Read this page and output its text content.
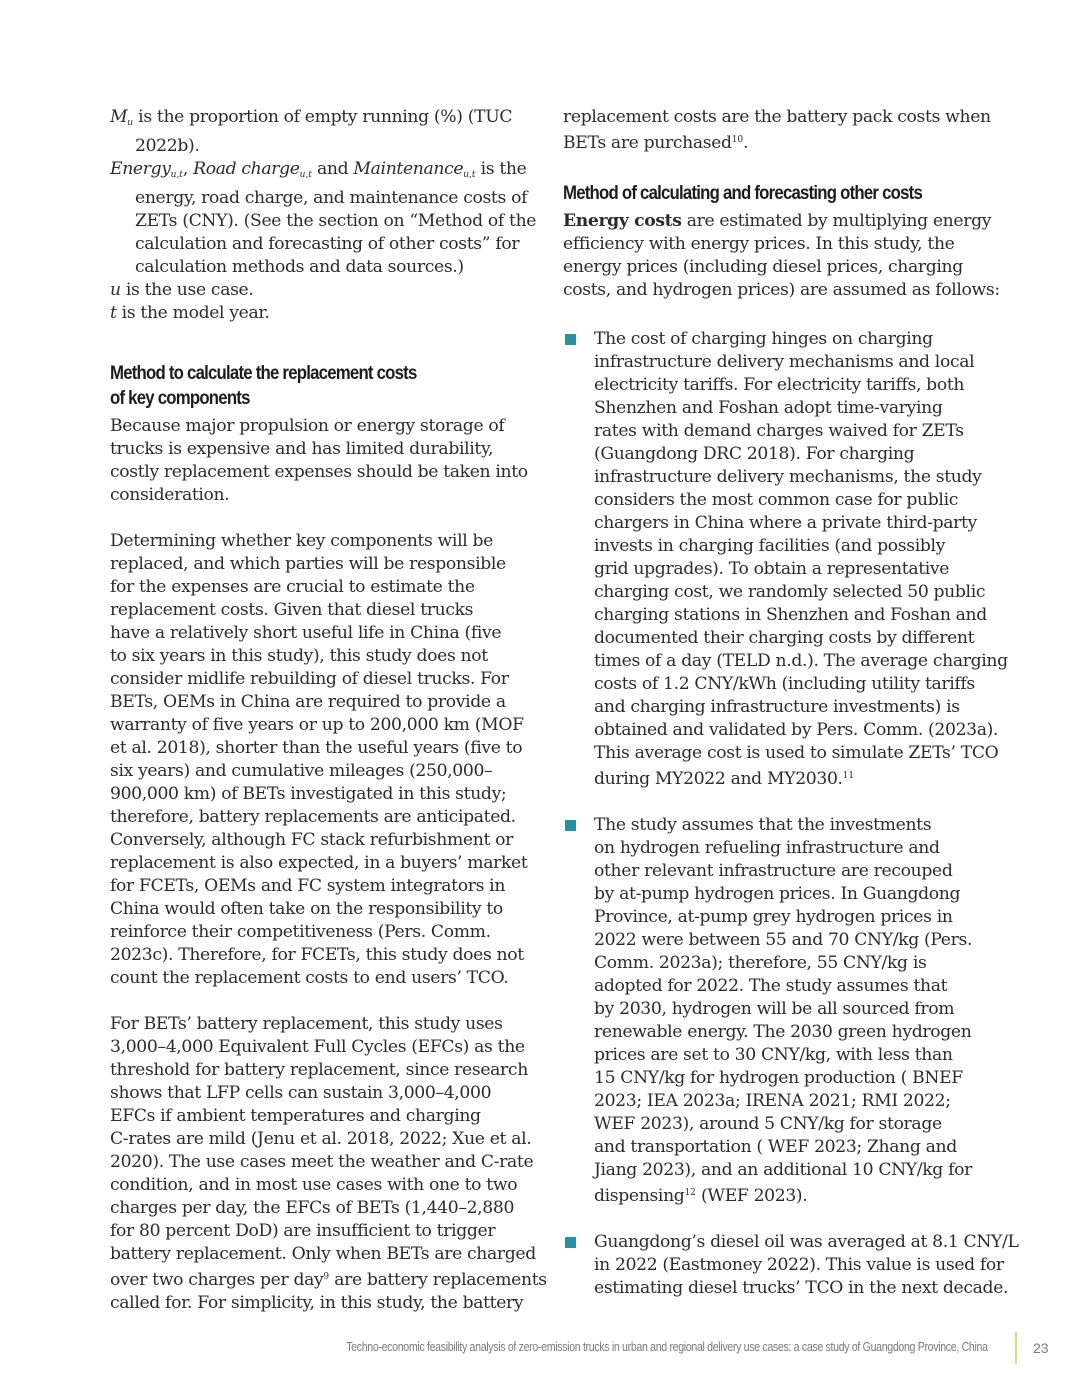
$M_u$ is the proportion of empty running (%) (TUC
2022b).
Energy$_{u,t}$, Road charge$_{u,t}$ and Maintenance$_{u,t}$ is the
energy, road charge, and maintenance costs of
ZETs (CNY). (See the section on “Method of the
calculation and forecasting of other costs” for
calculation methods and data sources.)
u is the use case.
t is the model year.
Method to calculate the replacement costs
of key components

Because major propulsion or energy storage of
trucks is expensive and has limited durability,
costly replacement expenses should be taken into
consideration.

Determining whether key components will be
replaced, and which parties will be responsible
for the expenses are crucial to estimate the
replacement costs. Given that diesel trucks
have a relatively short useful life in China (five
to six years in this study), this study does not
consider midlife rebuilding of diesel trucks. For
BETs, OEMs in China are required to provide a
warranty of five years or up to 200,000 km (MOF
et al. 2018), shorter than the useful years (five to
six years) and cumulative mileages (250,000–
900,000 km) of BETs investigated in this study;
therefore, battery replacements are anticipated.
Conversely, although FC stack refurbishment or
replacement is also expected, in a buyers’ market
for FCETs, OEMs and FC system integrators in
China would often take on the responsibility to
reinforce their competitiveness (Pers. Comm.
2023c). Therefore, for FCETs, this study does not
count the replacement costs to end users’ TCO.

For BETs’ battery replacement, this study uses
3,000–4,000 Equivalent Full Cycles (EFCs) as the
threshold for battery replacement, since research
shows that LFP cells can sustain 3,000–4,000
EFCs if ambient temperatures and charging
C-rates are mild (Jenu et al. 2018, 2022; Xue et al.
2020). The use cases meet the weather and C-rate
condition, and in most use cases with one to two
charges per day, the EFCs of BETs (1,440–2,880
for 80 percent DoD) are insufficient to trigger
battery replacement. Only when BETs are charged
over two charges per day$^9$ are battery replacements
called for. For simplicity, in this study, the battery

replacement costs are the battery pack costs when
BETs are purchased$^{10}$.

Method of calculating and forecasting other costs

Energy costs are estimated by multiplying energy
efficiency with energy prices. In this study, the
energy prices (including diesel prices, charging
costs, and hydrogen prices) are assumed as follows:

The cost of charging hinges on charging
infrastructure delivery mechanisms and local
electricity tariffs. For electricity tariffs, both
Shenzhen and Foshan adopt time-varying
rates with demand charges waived for ZETs
(Guangdong DRC 2018). For charging
infrastructure delivery mechanisms, the study
considers the most common case for public
chargers in China where a private third-party
invests in charging facilities (and possibly
grid upgrades). To obtain a representative
charging cost, we randomly selected 50 public
charging stations in Shenzhen and Foshan and
documented their charging costs by different
times of a day (TELD n.d.). The average charging
costs of 1.2 CNY/kWh (including utility tariffs
and charging infrastructure investments) is
obtained and validated by Pers. Comm. (2023a).
This average cost is used to simulate ZETs’ TCO
during MY2022 and MY2030.11
The study assumes that the investments
on hydrogen refueling infrastructure and
other relevant infrastructure are recouped
by at-pump hydrogen prices. In Guangdong
Province, at-pump grey hydrogen prices in
2022 were between 55 and 70 CNY/kg (Pers.
Comm. 2023a); therefore, 55 CNY/kg is
adopted for 2022. The study assumes that
by 2030, hydrogen will be all sourced from
renewable energy. The 2030 green hydrogen
prices are set to 30 CNY/kg, with less than
15 CNY/kg for hydrogen production ( BNEF
2023; IEA 2023a; IRENA 2021; RMI 2022;
WEF 2023), around 5 CNY/kg for storage
and transportation ( WEF 2023; Zhang and
Jiang 2023), and an additional 10 CNY/kg for
dispensing$^{12}$ (WEF 2023).
Guangdong’s diesel oil was averaged at 8.1 CNY/L
in 2022 (Eastmoney 2022). This value is used for
estimating diesel trucks’ TCO in the next decade.
Techno-economic feasibility analysis of zero-emission trucks in urban and regional delivery use cases: a case study of Guangdong Province, China	23
